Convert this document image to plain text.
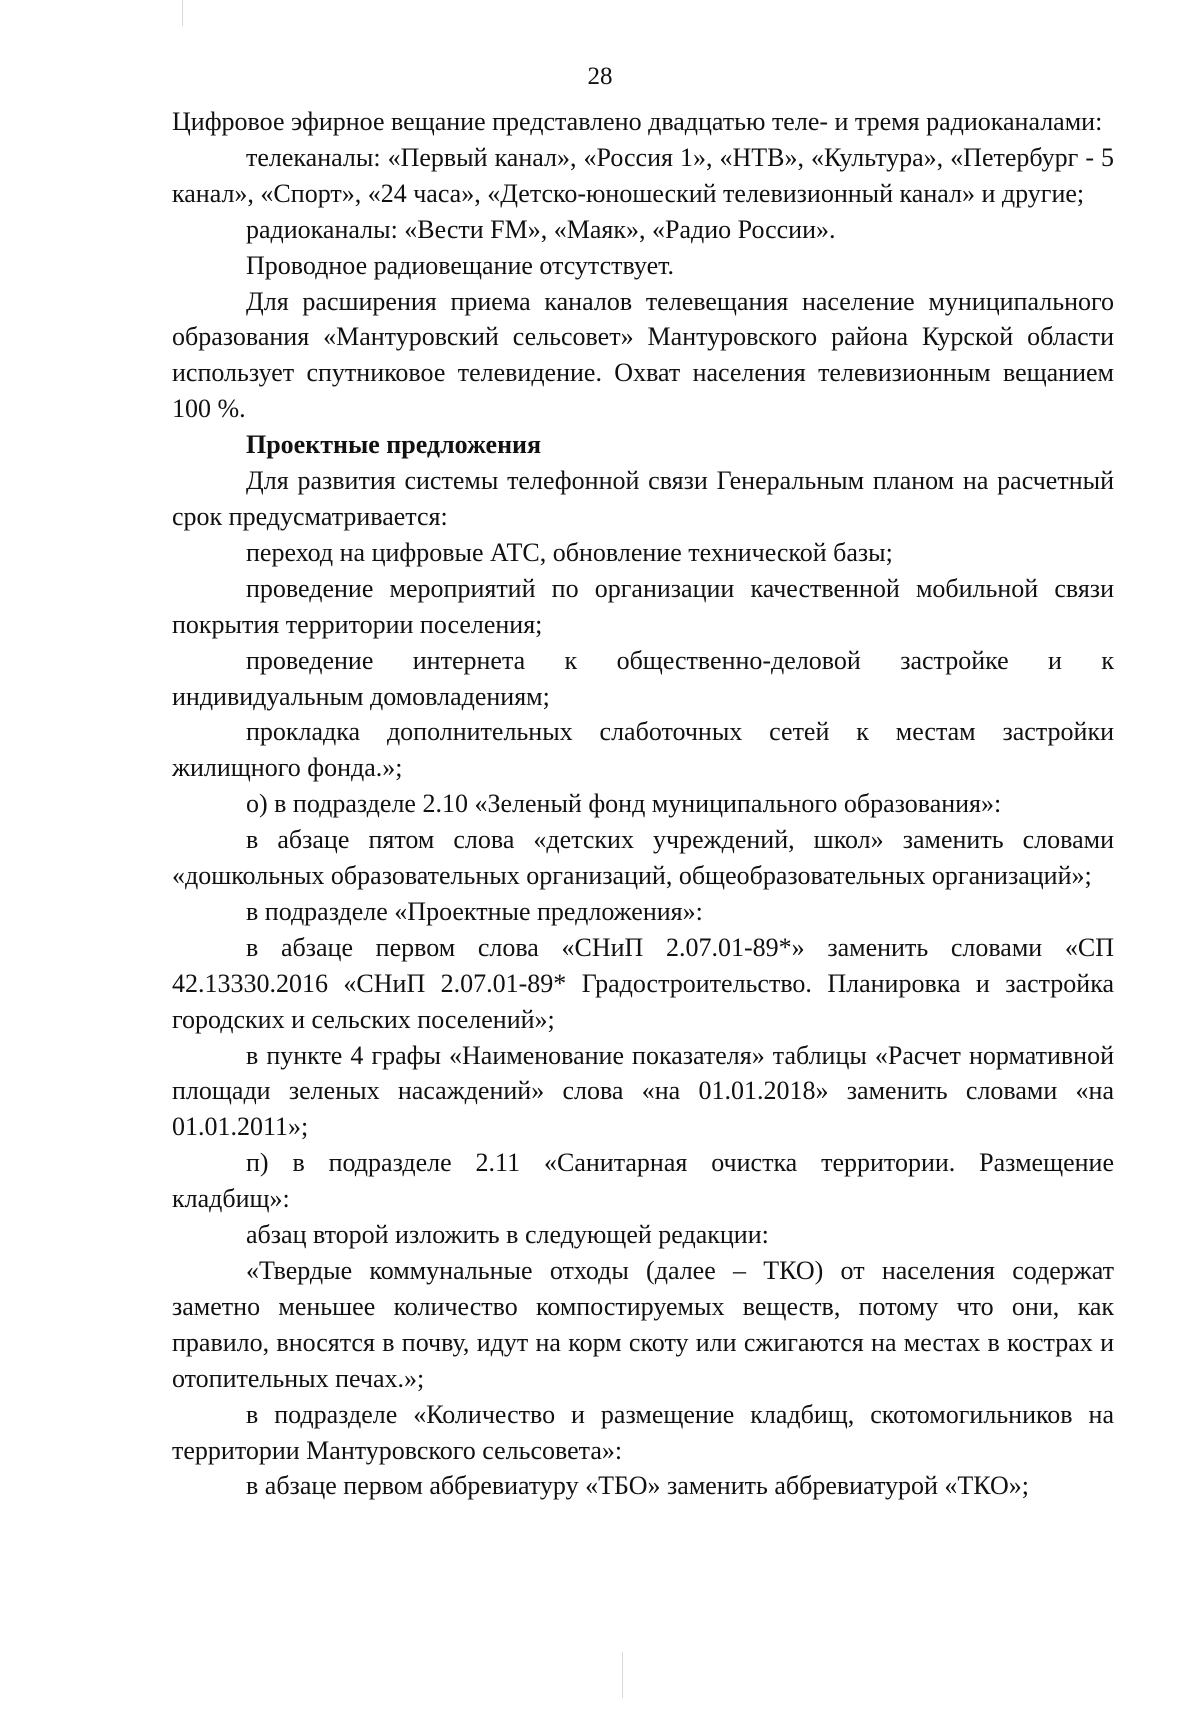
28

Цифровое эфирное вещание представлено двадцатью теле- и тремя радиоканалами:

телеканалы: «Первый канал», «Россия 1», «НТВ», «Культура», «Петербург - 5 канал», «Спорт», «24 часа», «Детско-юношеский телевизионный канал» и другие;

радиоканалы: «Вести FM», «Маяк», «Радио России».

Проводное радиовещание отсутствует.

Для расширения приема каналов телевещания население муниципального образования «Мантуровский сельсовет» Мантуровского района Курской области использует спутниковое телевидение. Охват населения телевизионным вещанием 100 %.

Проектные предложения

Для развития системы телефонной связи Генеральным планом на расчетный срок предусматривается:

переход на цифровые АТС, обновление технической базы;

проведение мероприятий по организации качественной мобильной связи покрытия территории поселения;

проведение интернета к общественно-деловой застройке и к индивидуальным домовладениям;

прокладка дополнительных слаботочных сетей к местам застройки жилищного фонда.»;

о) в подразделе 2.10 «Зеленый фонд муниципального образования»:

в абзаце пятом слова «детских учреждений, школ» заменить словами «дошкольных образовательных организаций, общеобразовательных организаций»;

в подразделе «Проектные предложения»:

в абзаце первом слова «СНиП 2.07.01-89*» заменить словами «СП 42.13330.2016 «СНиП 2.07.01-89* Градостроительство. Планировка и застройка городских и сельских поселений»;

в пункте 4 графы «Наименование показателя» таблицы «Расчет нормативной площади зеленых насаждений» слова «на 01.01.2018» заменить словами «на 01.01.2011»;

п) в подразделе 2.11 «Санитарная очистка территории. Размещение кладбищ»:

абзац второй изложить в следующей редакции:

«Твердые коммунальные отходы (далее – ТКО) от населения содержат заметно меньшее количество компостируемых веществ, потому что они, как правило, вносятся в почву, идут на корм скоту или сжигаются на местах в кострах и отопительных печах.»;

в подразделе «Количество и размещение кладбищ, скотомогильников на территории Мантуровского сельсовета»:

в абзаце первом аббревиатуру «ТБО» заменить аббревиатурой «ТКО»;
